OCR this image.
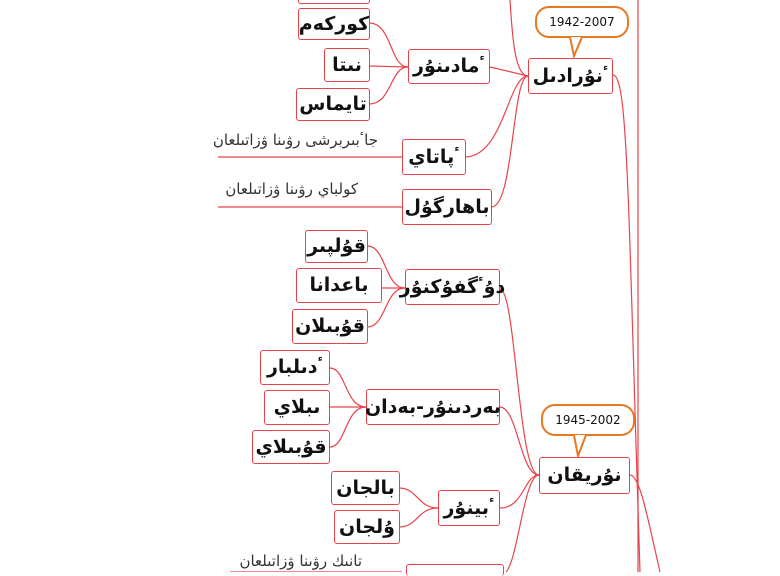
1942-2007
1945-2002
ٴنۇرادىل
ٴمادىنۇر
كوركەم
نىتا
تايماس
جاٴبىربرشى رۋىنا ۋزاتىلعان
ٴپاتاي
كولباي رۋىنا ۋزاتىلعان
باھارگۇل
دۇٴگفۇكنۇر
قۇلپىر
باعدانا
قۇبىلان
بەردىنۇر-بەدان
ٴدىلبار
ىبلاي
قۇبىلاي
نۇريقان
ٴبينۇر
بالجان
ۇلجان
تانىك رۋىنا ۋزاتىلعان
